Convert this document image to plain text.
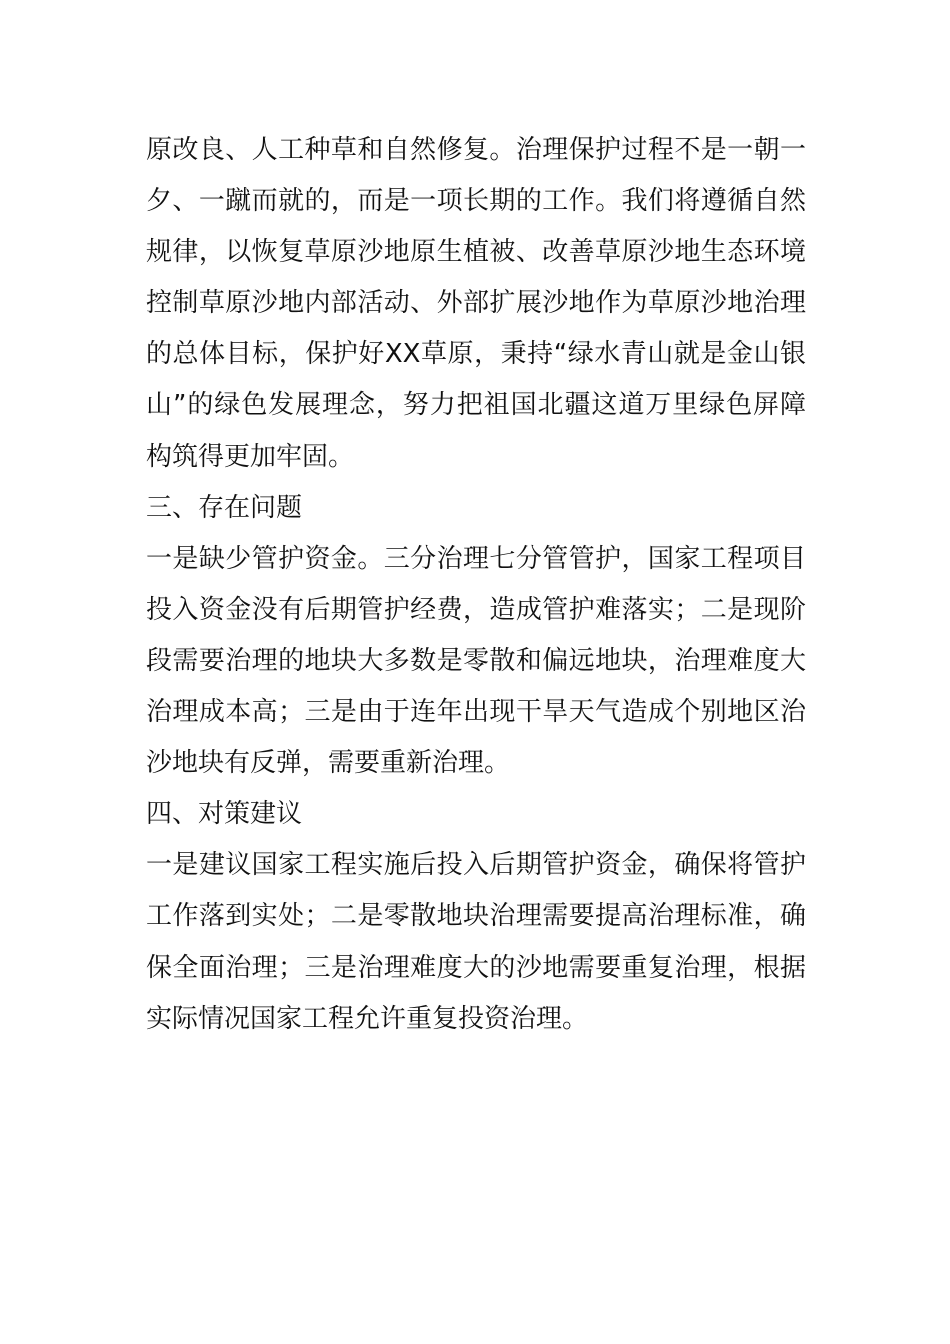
原改良、人工种草和自然修复。治理保护过程不是一朝一
夕、一蹴而就的，而是一项长期的工作。我们将遵循自然
规律，以恢复草原沙地原生植被、改善草原沙地生态环境
控制草原沙地内部活动、外部扩展沙地作为草原沙地治理
的总体目标，保护好XX草原，秉持“绿水青山就是金山银
山”的绿色发展理念，努力把祖国北疆这道万里绿色屏障
构筑得更加牢固。
三、存在问题
一是缺少管护资金。三分治理七分管管护，国家工程项目
投入资金没有后期管护经费，造成管护难落实；二是现阶
段需要治理的地块大多数是零散和偏远地块，治理难度大
治理成本高；三是由于连年出现干旱天气造成个别地区治
沙地块有反弹，需要重新治理。
四、对策建议
一是建议国家工程实施后投入后期管护资金，确保将管护
工作落到实处；二是零散地块治理需要提高治理标准，确
保全面治理；三是治理难度大的沙地需要重复治理，根据
实际情况国家工程允许重复投资治理。
